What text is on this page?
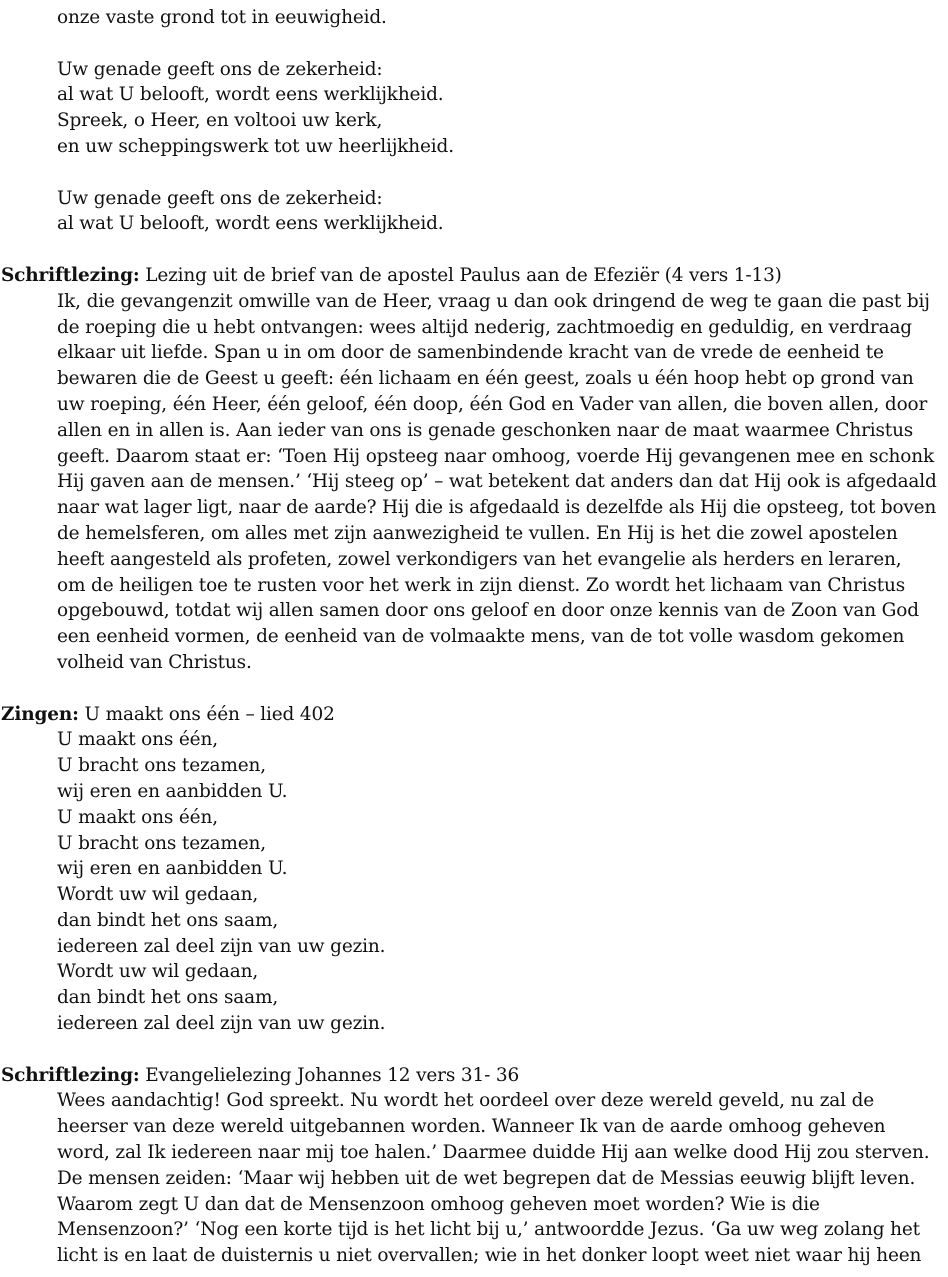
onze vaste grond tot in eeuwigheid.
Uw genade geeft ons de zekerheid:
al wat U belooft, wordt eens werklijkheid.
Spreek, o Heer, en voltooi uw kerk,
en uw scheppingswerk tot uw heerlijkheid.
Uw genade geeft ons de zekerheid:
al wat U belooft, wordt eens werklijkheid.
Schriftlezing: Lezing uit de brief van de apostel Paulus aan de Efeziër (4 vers 1-13)
Ik, die gevangenzit omwille van de Heer, vraag u dan ook dringend de weg te gaan die past bij
de roeping die u hebt ontvangen: wees altijd nederig, zachtmoedig en geduldig, en verdraag
elkaar uit liefde. Span u in om door de samenbindende kracht van de vrede de eenheid te
bewaren die de Geest u geeft: één lichaam en één geest, zoals u één hoop hebt op grond van
uw roeping, één Heer, één geloof, één doop, één God en Vader van allen, die boven allen, door
allen en in allen is. Aan ieder van ons is genade geschonken naar de maat waarmee Christus
geeft. Daarom staat er: ‘Toen Hij opsteeg naar omhoog, voerde Hij gevangenen mee en schonk
Hij gaven aan de mensen.’ ‘Hij steeg op’ – wat betekent dat anders dan dat Hij ook is afgedaald
naar wat lager ligt, naar de aarde? Hij die is afgedaald is dezelfde als Hij die opsteeg, tot boven
de hemelsferen, om alles met zijn aanwezigheid te vullen. En Hij is het die zowel apostelen
heeft aangesteld als profeten, zowel verkondigers van het evangelie als herders en leraren,
om de heiligen toe te rusten voor het werk in zijn dienst. Zo wordt het lichaam van Christus
opgebouwd, totdat wij allen samen door ons geloof en door onze kennis van de Zoon van God
een eenheid vormen, de eenheid van de volmaakte mens, van de tot volle wasdom gekomen
volheid van Christus.
Zingen: U maakt ons één – lied 402
U maakt ons één,
U bracht ons tezamen,
wij eren en aanbidden U.
U maakt ons één,
U bracht ons tezamen,
wij eren en aanbidden U.
Wordt uw wil gedaan,
dan bindt het ons saam,
iedereen zal deel zijn van uw gezin.
Wordt uw wil gedaan,
dan bindt het ons saam,
iedereen zal deel zijn van uw gezin.
Schriftlezing: Evangelielezing Johannes 12 vers 31- 36
Wees aandachtig! God spreekt. Nu wordt het oordeel over deze wereld geveld, nu zal de
heerser van deze wereld uitgebannen worden. Wanneer Ik van de aarde omhoog geheven
word, zal Ik iedereen naar mij toe halen.’ Daarmee duidde Hij aan welke dood Hij zou sterven.
De mensen zeiden: ‘Maar wij hebben uit de wet begrepen dat de Messias eeuwig blijft leven.
Waarom zegt U dan dat de Mensenzoon omhoog geheven moet worden? Wie is die
Mensenzoon?’ ‘Nog een korte tijd is het licht bij u,’ antwoordde Jezus. ‘Ga uw weg zolang het
licht is en laat de duisternis u niet overvallen; wie in het donker loopt weet niet waar hij heen
